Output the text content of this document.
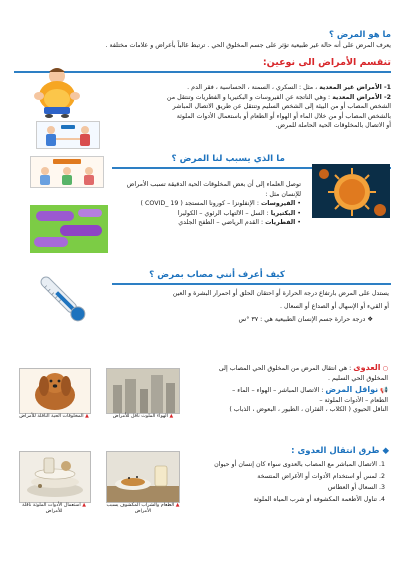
ما هو المرض ؟
يعرف المرض على أنه حالة غير طبيعية تؤثر على جسم المخلوق الحي . ترتبط غالباً بأعراض و علامات مختلفة .
تنقسم الأمراض الى نوعين:
1- الأمراض غير المعدية ، مثل : السكري ، السمنة ، الحساسية ، فقر الدم .
2- الأمراض المعدية : وهي الناتجة عن الفيروسات و البكتيريا و الفطريات وتنتقل من
الشخص المصاب أو من البيئة إلى الشخص السليم وتنتقل عن طريق الاتصال المباشر
بالشخص المصاب أو من خلال الماء أو الهواء أو الطعام أو باستعمال الأدوات الملوثة
أو الاتصال بالمخلوقات الحية الحاملة للمرض.
ما الذي يسبب لنا المرض ؟
توصل العلماء إلى أن بعض المخلوقات الحية الدقيقة تسبب الأمراض
للإنسان مثل :
• الفيروسات : الإنفلونزا – كورونا المستجد ( COVID_ 19 )
• البكتيريا : السل – الالتهاب الرئوي – الكوليرا
• الفطريات : القدم الرياضي – الطفح الجلدي
كيف أعرف أنني مصاب بمرض ؟
يستدل على المرض بارتفاع درجة الحرارة أو احتقان الحلق أو احمرار البشرة و العين
أو القيء أو الإسهال أو الصداع أو السعال .
❖ درجة حرارة جسم الإنسان الطبيعية هي : ٣٧ °س
▲ المخلوقات الحية الناقلة للأمراض	▲ الهواء الملوث ناقل للأمراض
○ العدوى : هي انتقال المرض من المخلوق الحي المصاب إلى
المخلوق الحي السليم .
📢 نواقل المرض : الاتصال المباشر – الهواء – الماء –
الطعام – الأدوات الملوثة –
الناقل الحيوي ( الكلاب ، الفئران ، الطيور ، البعوض ، الذباب )
◆ طرق انتقال العدوى :
1. الاتصال المباشر مع المصاب بالعدوى سواء كان إنسان أو حيوان
2. لمس أو استخدام الأدوات أو الأغراض المتسخة
3. السعال أو العطاس
4. تناول الأطعمة المكشوفة أو شرب المياه الملوثة
▲ استعمال الأدوات الملوثة ناقلة للأمراض
▲ الطعام والشراب المكشوف يسبب الأمراض
